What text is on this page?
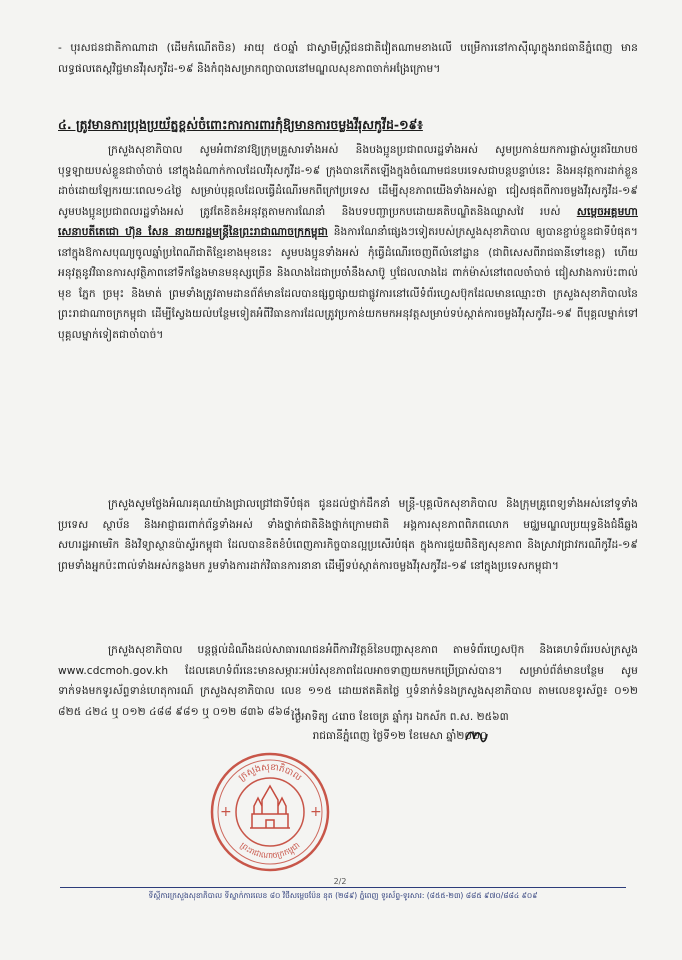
- បុរសជនជាតិកាណាដា (ដើមកំណើតចិន) អាយុ ៥០ឆ្នាំ ជាស្វាមីស្ត្រីជនជាតិវៀតណាមខាងលើ បម្រើការនៅកាស៊ីណូក្នុងរាជធានីភ្នំពេញ មានលទ្ធផលតេស្តវិជ្ជមានវីរុសកូវីដ-១៩ និងកំពុងសម្រាកព្យាបាលនៅមណ្ឌលសុខភាពចាក់អង្រែក្រោម។
៤. ត្រូវមានការប្រុងប្រយ័ត្នខ្ពស់ចំពោះការការពារកុំឱ្យមានការចម្លងវីរុសកូវីដ-១៩៖
ក្រសួងសុខាភិបាល សូមអំពាវនាវឱ្យក្រុមគ្រួសារទាំងអស់ និងបងប្អូនប្រជាពលរដ្ឋទាំងអស់ សូមប្រកាន់យកការផ្លាស់ប្តូរឥរិយាបថ បុទ្ធឡាយបស់ខ្លួនជាចាំបាច់ នៅក្នុងដំណាក់កាលដែលវីរុសកូវីដ-១៩ ក្រុងបានកើតឡើងក្នុងចំណោមជនបរទេសជាបន្តបន្ទាប់នេះ និងអនុវត្តការដាក់ខ្លួនដាច់ដោយឡែករយៈពេល១៤ថ្ងៃ សម្រាប់បុគ្គលដែលធ្វើដំណើរមកពីក្រៅប្រទេស ដើម្បីសុខភាពយើងទាំងអស់គ្នា ជៀសផុតពីការចម្លងវីរុសកូវីដ-១៩ សូមបងប្អូនប្រជាពលរដ្ឋទាំងអស់ ត្រូវតែខិតខំអនុវត្តតាមការណែនាំ និងបទបញ្ជាប្រកបដោយគតិបណ្ឌិតនិងឈ្លាសវៃ របស់ សម្តេចអគ្គមហាសេនាបតីតេជោ ហ៊ុន សែន នាយករដ្ឋមន្ត្រីនៃព្រះរាជាណាចក្រកម្ពុជា និងការណែនាំផ្សេងៗទៀតរបស់ក្រសួងសុខាភិបាល ឲ្យបានខ្ជាប់ខ្ជួនជាទីបំផុត។ នៅក្នុងឱកាសបុណ្យចូលឆ្នាំប្រពៃណីជាតិខ្មែរខាងមុខនេះ សូមបងប្អូនទាំងអស់ កុំធ្វើដំណើរចេញពីលំនៅដ្ឋាន (ជាពិសេសពីរាជធានីទៅខេត្ត) ហើយអនុវត្តនូវវិធានការសុវត្ថិភាពនៅទីកន្លែងមានមនុស្សច្រើន និងលាងដៃជាប្រចាំនឹងសាប៊ូ ឬជែលលាងដៃ ពាក់ម៉ាស់នៅពេលចាំបាច់ ជៀសវាងការប៉ះពាល់មុខ ភ្នែក ច្រមុះ និងមាត់ ព្រមទាំងត្រូវតាមដានព័ត៌មានដែលបានផ្សព្វផ្សាយជាផ្លូវការនៅលើទំព័រហ្វេសប៊ុកដែលមានឈ្មោះថា ក្រសួងសុខាភិបាលនៃព្រះរាជាណាចក្រកម្ពុជា ដើម្បីស្វែងយល់បន្ថែមទៀតអំពីវិធានការដែលត្រូវប្រកាន់យកមកអនុវត្តសម្រាប់ទប់ស្កាត់ការចម្លងវីរុសកូវីដ-១៩ ពីបុគ្គលម្នាក់ទៅបុគ្គលម្នាក់ទៀតជាចាំបាច់។
ក្រសួងសូមថ្លែងអំណរគុណយ៉ាងជ្រាលជ្រៅជាទីបំផុត ជូនដល់ថ្នាក់ដឹកនាំ មន្ត្រី-បុគ្គលិកសុខាភិបាល និងក្រុមគ្រូពេទ្យទាំងអស់នៅទូទាំងប្រទេស ស្ថាប័ន និងអាជ្ញាធរពាក់ព័ន្ធទាំងអស់ ទាំងថ្នាក់ជាតិនិងថ្នាក់ក្រោមជាតិ អង្គការសុខភាពពិភពលោក មជ្ឈមណ្ឌលប្រយុទ្ធនិងជំងឺឆ្លងសហរដ្ឋអាមេរិក និងវិទ្យាស្ថានប៉ាស្ទ័រកម្ពុជា ដែលបានខិតខំបំពេញភារកិច្ចបានល្អប្រសើរបំផុត ក្នុងការជួយពិនិត្យសុខភាព និងស្រាវជ្រាវករណីកូវីដ-១៩ ព្រមទាំងអ្នកប៉ះពាល់ទាំងអស់កន្លងមក រួមទាំងការដាក់វិធានការនានា ដើម្បីទប់ស្កាត់ការចម្លងវីរុសកូវីដ-១៩ នៅក្នុងប្រទេសកម្ពុជា។
ក្រសួងសុខាភិបាល បន្តផ្តល់ដំណឹងដល់សាធារណជនអំពីការវិវត្តន៍នៃបញ្ហាសុខភាព តាមទំព័រហ្វេសប៊ុក និងគេហទំព័ររបស់ក្រសួង www.cdcmoh.gov.kh ដែលគេហទំព័រនេះមានសម្ភារៈអប់រំសុខភាពដែលអាចទាញយកមកប្រើប្រាស់បាន។ សម្រាប់ព័ត៌មានបន្ថែម សូមទាក់ទងមកទូរស័ព្ទទាន់ហេតុការណ៍ ក្រសួងសុខាភិបាល លេខ ១១៥ ដោយឥតគិតថ្លៃ ឬទំនាក់ទំនងក្រសួងសុខាភិបាល តាមលេខទូរស័ព្ទ៖ ០១២ ៨២៥ ៤២៤ ឬ ០១២ ៤៨៨ ៩៨១ ឬ ០១២ ៨៣៦ ៨៦៨ ។
ថ្ងៃអាទិត្យ ៤រោច ខែចេត្រ ឆ្នាំកុរ ឯកស័ក ព.ស. ២៥៦៣
រាជធានីភ្នំពេញ ថ្ងៃទី១២ ខែមេសា ឆ្នាំ២០២០
ក្រសួងសុខាភិបាល
ព្រះរាជាណាចក្រកម្ពុជា
+	+
2/2
ទីស្តីការក្រសួងសុខាភិបាល ទីស្នាក់ការលេខ ៨០ វិថីសម្តេចប៉ែន នុត (២៨៩) ភ្នំពេញ ទូរស័ព្ទ-ទូរសារ: (៨៥៥-២៣) ៨៨៥ ៩៧០/៨៨៤ ៩០៩
